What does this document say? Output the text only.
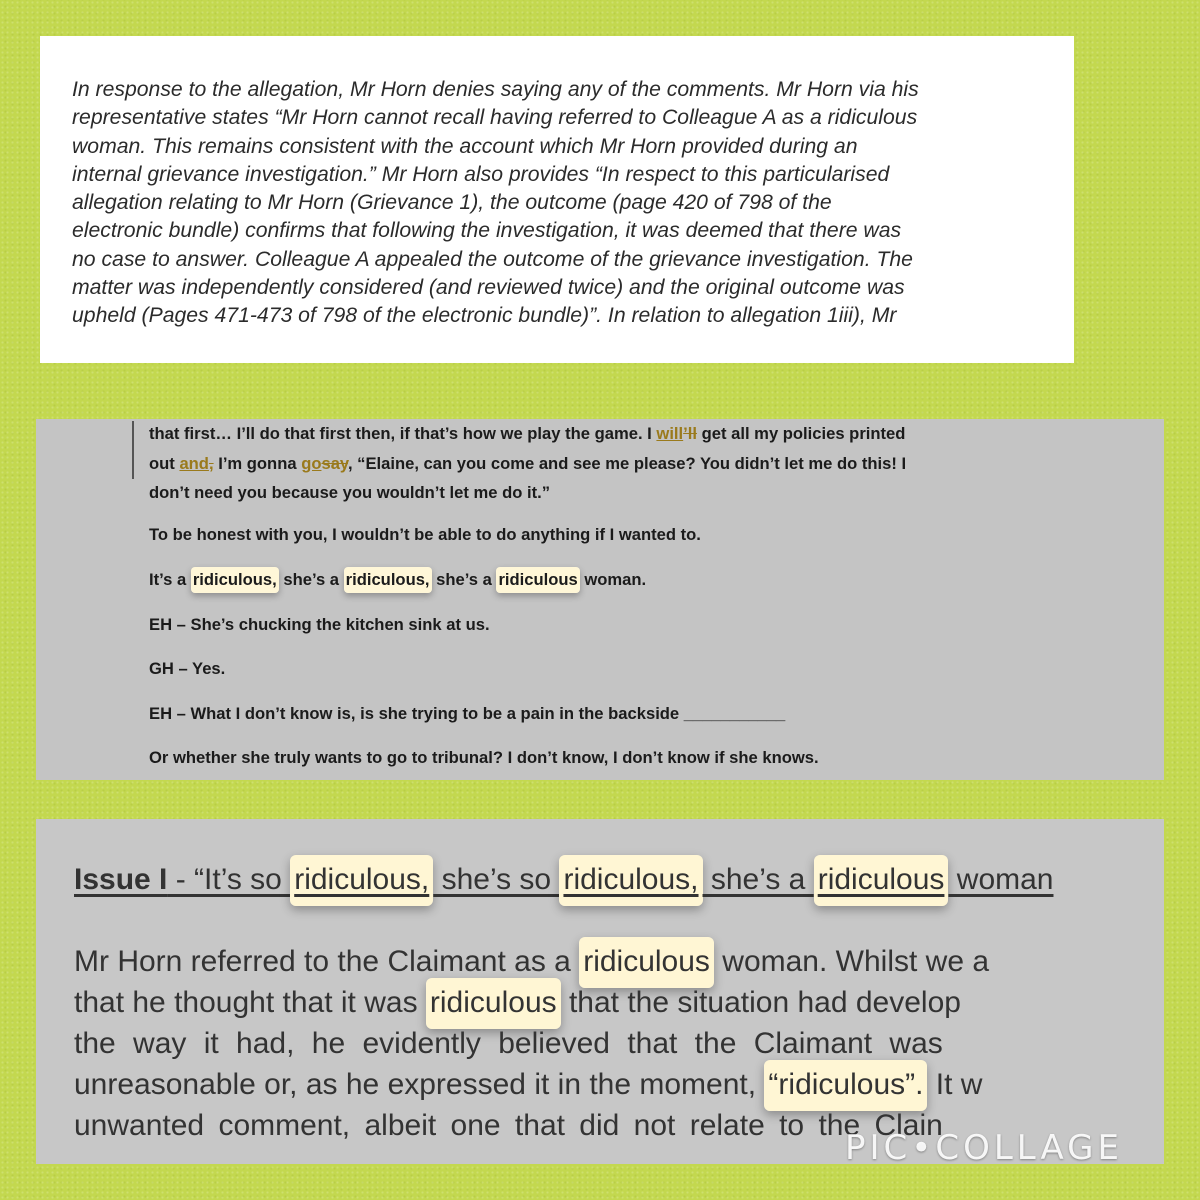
In response to the allegation, Mr Horn denies saying any of the comments. Mr Horn via his
representative states “Mr Horn cannot recall having referred to Colleague A as a ridiculous
woman. This remains consistent with the account which Mr Horn provided during an
internal grievance investigation.” Mr Horn also provides “In respect to this particularised
allegation relating to Mr Horn (Grievance 1), the outcome (page 420 of 798 of the
electronic bundle) confirms that following the investigation, it was deemed that there was
no case to answer. Colleague A appealed the outcome of the grievance investigation. The
matter was independently considered (and reviewed twice) and the original outcome was
upheld (Pages 471-473 of 798 of the electronic bundle)”. In relation to allegation 1iii), Mr

that first… I’ll do that first then, if that’s how we play the game. I will’ll get all my policies printed

out and, I’m gonna gosay, “Elaine, can you come and see me please? You didn’t let me do this! I

don’t need you because you wouldn’t let me do it.”

To be honest with you, I wouldn’t be able to do anything if I wanted to.

It’s a ridiculous, she’s a ridiculous, she’s a ridiculous woman.

EH – She’s chucking the kitchen sink at us.

GH – Yes.

EH – What I don’t know is, is she trying to be a pain in the backside ___________

Or whether she truly wants to go to tribunal? I don’t know, I don’t know if she knows.

Issue I - “It’s so ridiculous, she’s so ridiculous, she’s a ridiculous woman

Mr Horn referred to the Claimant as a ridiculous woman. Whilst we a
that he thought that it was ridiculous that the situation had develop
the way it had, he evidently believed that the Claimant was
unreasonable or, as he expressed it in the moment, “ridiculous”. It w
unwanted comment, albeit one that did not relate to the Clain

PIC•COLLAGE
